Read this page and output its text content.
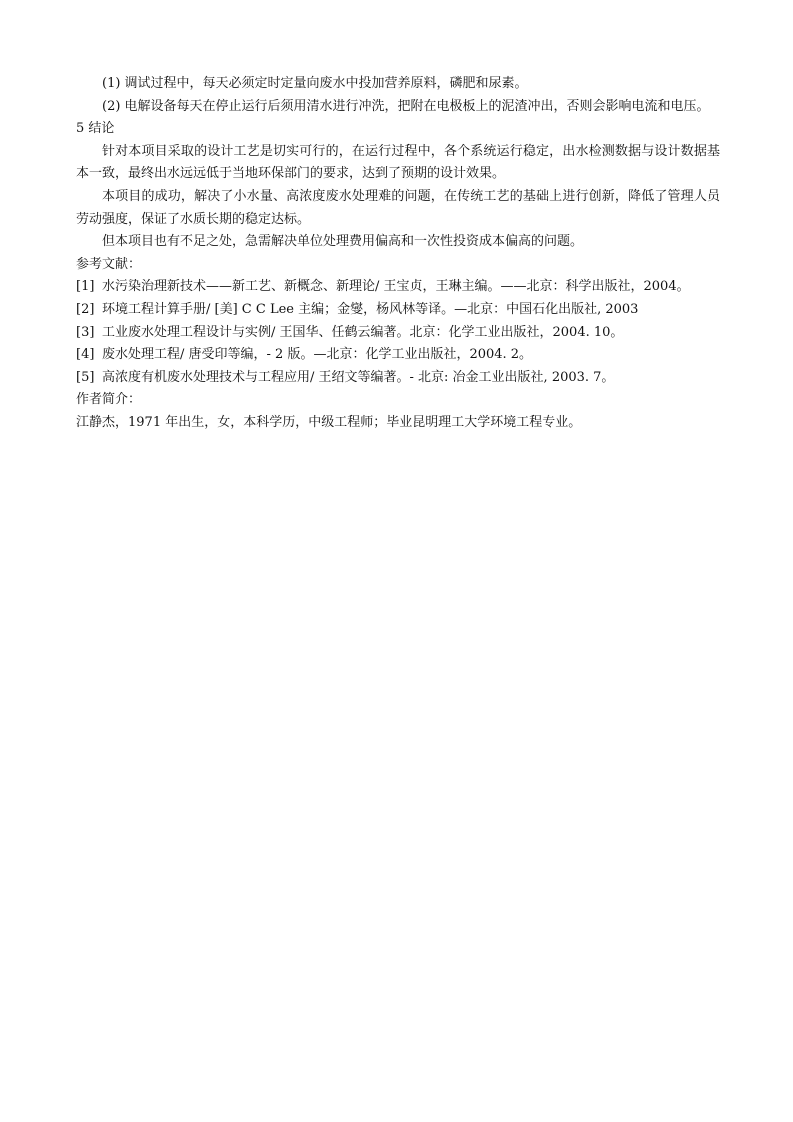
(1) 调试过程中，每天必须定时定量向废水中投加营养原料，磷肥和尿素。

(2) 电解设备每天在停止运行后须用清水进行冲洗，把附在电极板上的泥渣冲出，否则会影响电流和电压。

5 结论

针对本项目采取的设计工艺是切实可行的，在运行过程中，各个系统运行稳定，出水检测数据与设计数据基本一致，最终出水远远低于当地环保部门的要求，达到了预期的设计效果。

本项目的成功，解决了小水量、高浓度废水处理难的问题，在传统工艺的基础上进行创新，降低了管理人员劳动强度，保证了水质长期的稳定达标。

但本项目也有不足之处，急需解决单位处理费用偏高和一次性投资成本偏高的问题。

参考文献：

[1] 水污染治理新技术——新工艺、新概念、新理论/ 王宝贞，王琳主编。——北京：科学出版社，2004。
[2] 环境工程计算手册/ [美] C C Lee 主编；金燮，杨风林等译。—北京：中国石化出版社, 2003
[3] 工业废水处理工程设计与实例/ 王国华、任鹤云编著。北京：化学工业出版社，2004. 10。
[4] 废水处理工程/ 唐受印等编，- 2 版。—北京：化学工业出版社，2004. 2。
[5] 高浓度有机废水处理技术与工程应用/ 王绍文等编著。- 北京: 冶金工业出版社, 2003. 7。

作者简介：

江静杰，1971 年出生，女，本科学历，中级工程师；毕业昆明理工大学环境工程专业。
